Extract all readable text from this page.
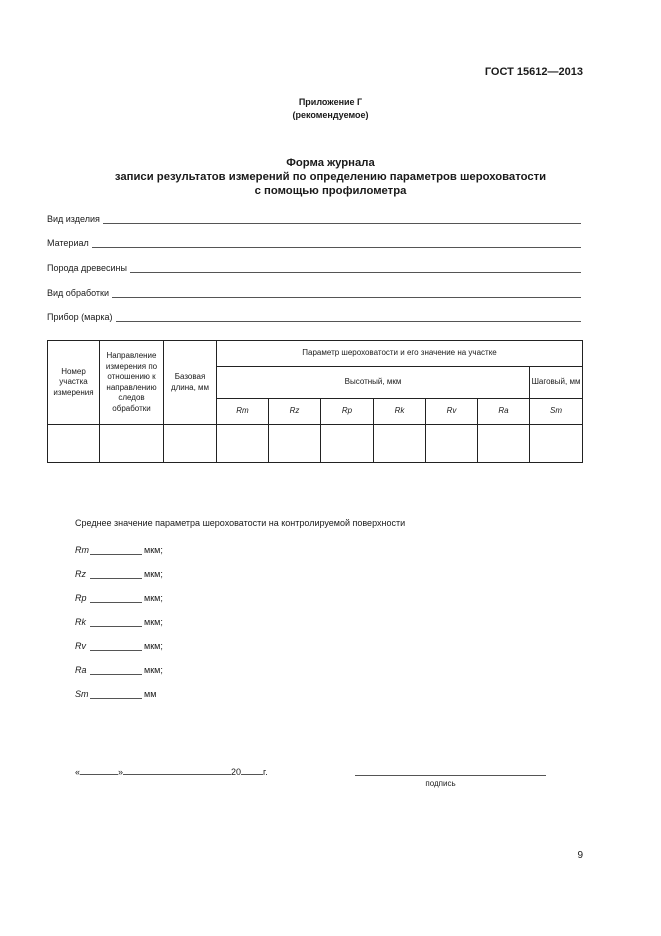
ГОСТ 15612—2013
Приложение Г
(рекомендуемое)
Форма журнала
записи результатов измерений по определению параметров шероховатости
с помощью профилометра
Вид изделия
Материал
Порода древесины
Вид обработки
Прибор (марка)
Номер участка измерения	Направление измерения по отношению к направлению следов обработки	Базовая длина, мм	Параметр шероховатости и его значение на участке						
			Высотный, мкм						Шаговый, мм
			Rm	Rz	Rp	Rk	Rv	Ra	Sm

Среднее значение параметра шероховатости на контролируемой поверхности
Rm	мкм;
Rz	мкм;
Rp	мкм;
Rk	мкм;
Rv	мкм;
Ra	мкм;
Sm	мм
«	»	20 г.
подпись
9
